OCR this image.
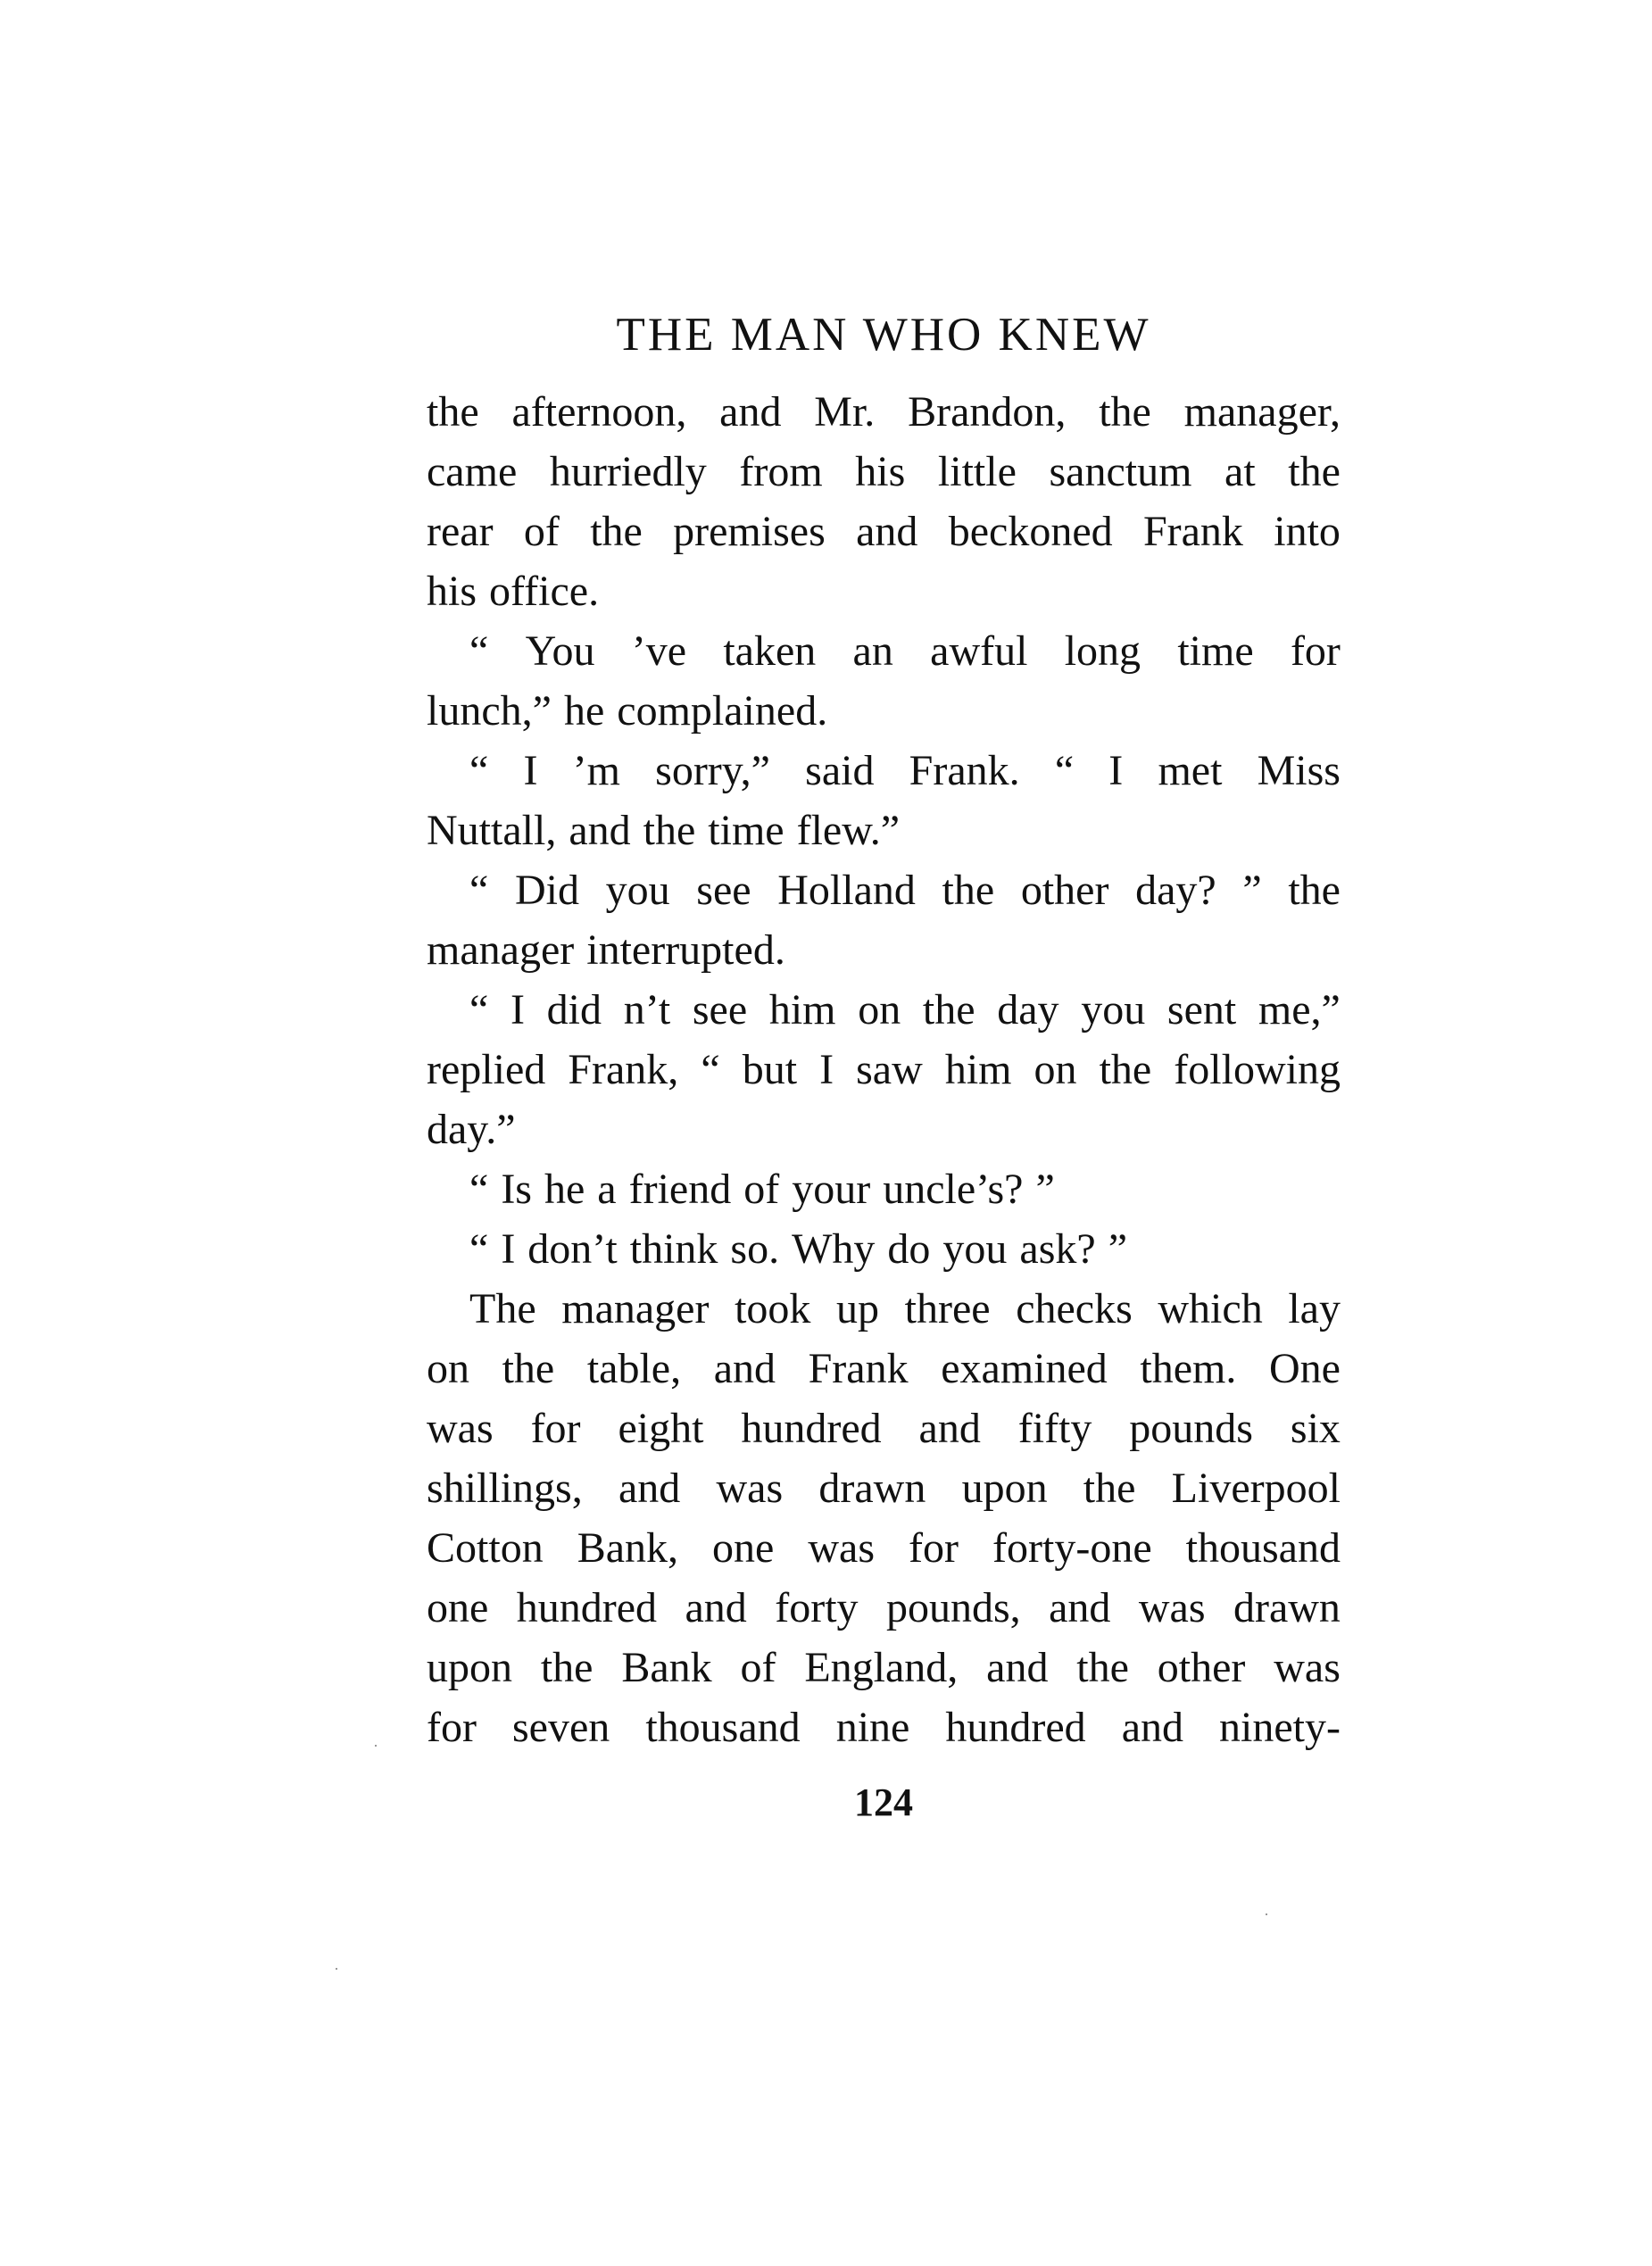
THE MAN WHO KNEW
the afternoon, and Mr. Brandon, the manager,
came hurriedly from his little sanctum at the
rear of the premises and beckoned Frank into
his office.
“ You ’ve taken an awful long time for
lunch,” he complained.
“ I ’m sorry,” said Frank. “ I met Miss
Nuttall, and the time flew.”
“ Did you see Holland the other day? ” the
manager interrupted.
“ I did n’t see him on the day you sent me,”
replied Frank, “ but I saw him on the following
day.”
“ Is he a friend of your uncle’s? ”
“ I don’t think so. Why do you ask? ”
The manager took up three checks which lay
on the table, and Frank examined them. One
was for eight hundred and fifty pounds six
shillings, and was drawn upon the Liverpool
Cotton Bank, one was for forty-one thousand
one hundred and forty pounds, and was drawn
upon the Bank of England, and the other was
for seven thousand nine hundred and ninety-
124
